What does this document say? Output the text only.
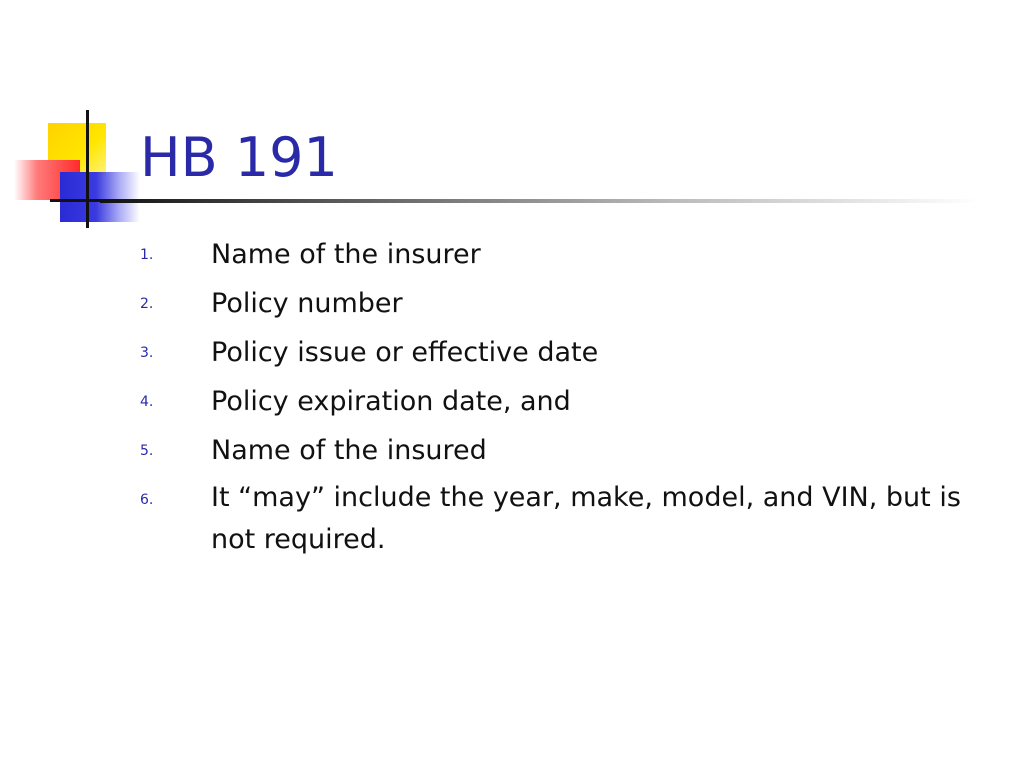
HB 191
1.	Name of the insurer
2.	Policy number
3.	Policy issue or effective date
4.	Policy expiration date, and
5.	Name of the insured
6.	It “may” include the year, make, model, and VIN, but is not required.
